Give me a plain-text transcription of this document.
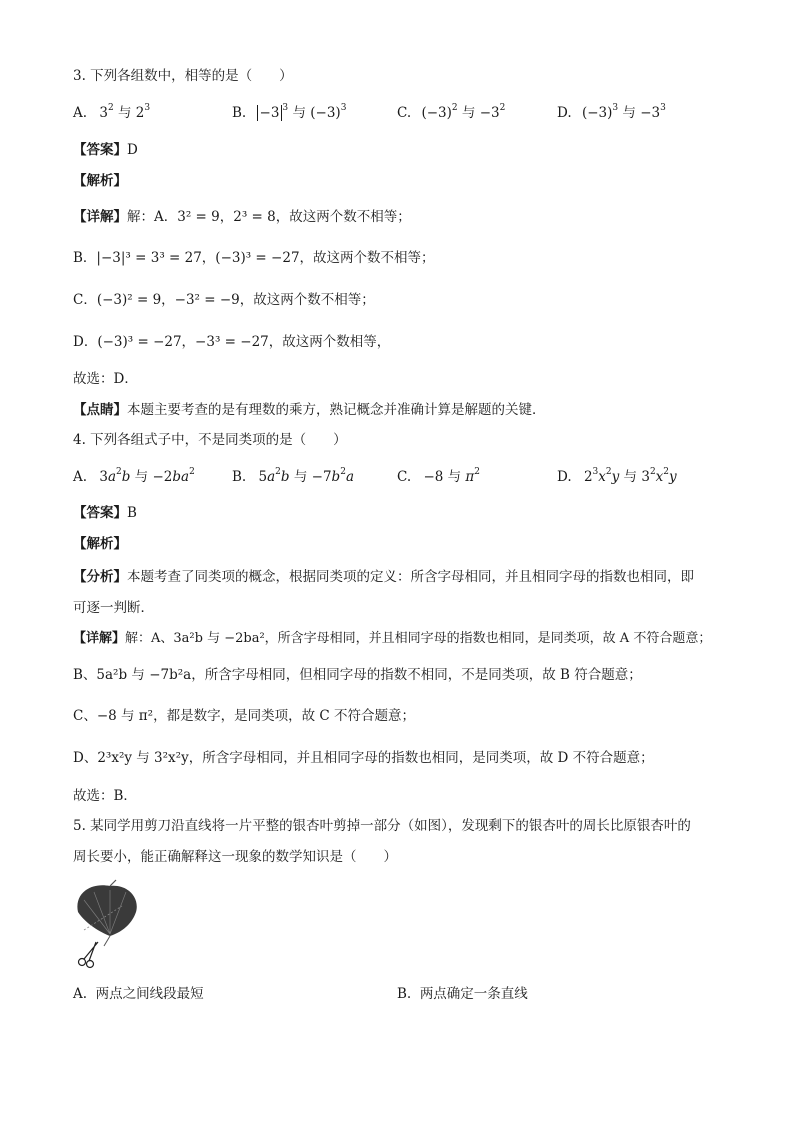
3. 下列各组数中，相等的是（　　）
A. $3^2$ 与 $2^3$	B. −3 $^3$ 与 $(-3)^3$	C. $(-3)^2$ 与 $-3^2$	D. $(-3)^3$ 与 $-3^3$
【答案】D
【解析】
【详解】解：A．3² = 9，2³ = 8，故这两个数不相等；
B．|−3|³ = 3³ = 27，(−3)³ = −27，故这两个数不相等；
C．(−3)² = 9，−3² = −9，故这两个数不相等；
D．(−3)³ = −27，−3³ = −27，故这两个数相等，
故选：D．
【点睛】本题主要考查的是有理数的乘方，熟记概念并准确计算是解题的关键．
4. 下列各组式子中，不是同类项的是（　　）
A. $3a^2b$ 与 $-2ba^2$	B. $5a^2b$ 与 $-7b^2a$	C. −8 与 $\pi^2$	D. $2^3x^2y$ 与 $3^2x^2y$
【答案】B
【解析】
【分析】本题考查了同类项的概念，根据同类项的定义：所含字母相同，并且相同字母的指数也相同，即
可逐一判断．
【详解】解：A、3a²b 与 −2ba²，所含字母相同，并且相同字母的指数也相同，是同类项，故 A 不符合题意；
B、5a²b 与 −7b²a，所含字母相同，但相同字母的指数不相同，不是同类项，故 B 符合题意；
C、−8 与 π²，都是数字，是同类项，故 C 不符合题意；
D、2³x²y 与 3²x²y，所含字母相同，并且相同字母的指数也相同，是同类项，故 D 不符合题意；
故选：B．
5. 某同学用剪刀沿直线将一片平整的银杏叶剪掉一部分（如图），发现剩下的银杏叶的周长比原银杏叶的
周长要小，能正确解释这一现象的数学知识是（　　）
A. 两点之间线段最短	B. 两点确定一条直线
